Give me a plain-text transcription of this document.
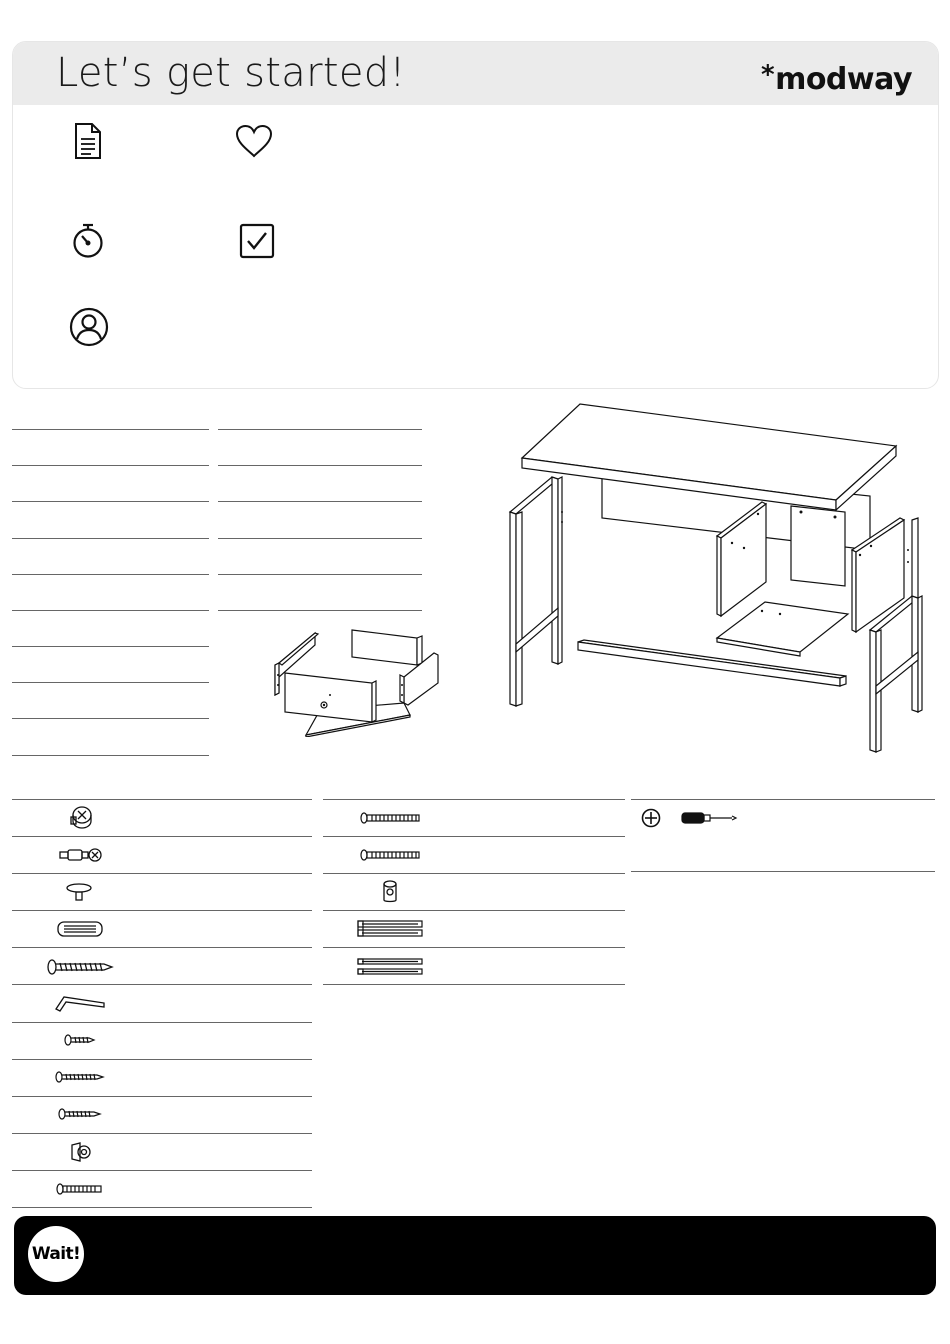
Let’s get started!	*modway
Wait!
